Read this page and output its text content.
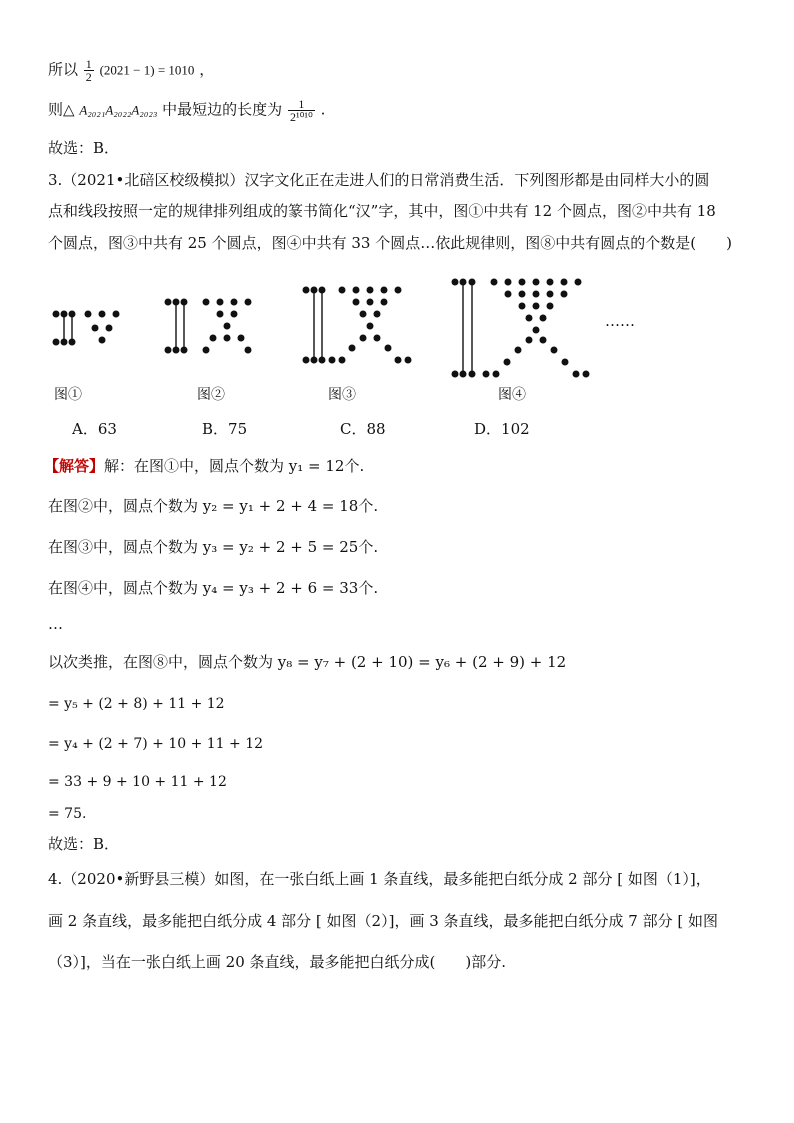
所以 $\frac{1}{2} (2021 - 1) = 1010$ ，
则△ A₂₀₂₁A₂₀₂₂A₂₀₂₃ 中最短边的长度为 $\frac{1}{\text{2¹⁰¹⁰}}$ .
故选：B．
3.（2021•北碚区校级模拟）汉字文化正在走进人们的日常消费生活．下列图形都是由同样大小的圆
点和线段按照一定的规律排列组成的篆书简化“汉”字，其中，图①中共有 12 个圆点，图②中共有 18
个圆点，图③中共有 25 个圆点，图④中共有 33 个圆点…依此规律则，图⑧中共有圆点的个数是(　　)
……
图①	图②	图③	图④
A．63	B．75	C．88	D．102
【解答】解：在图①中，圆点个数为 y₁ = 12个.
在图②中，圆点个数为 y₂ = y₁ + 2 + 4 = 18个.
在图③中，圆点个数为 y₃ = y₂ + 2 + 5 = 25个.
在图④中，圆点个数为 y₄ = y₃ + 2 + 6 = 33个.
…
以次类推，在图⑧中，圆点个数为 y₈ = y₇ + (2 + 10) = y₆ + (2 + 9) + 12
= y₅ + (2 + 8) + 11 + 12
= y₄ + (2 + 7) + 10 + 11 + 12
= 33 + 9 + 10 + 11 + 12
= 75.
故选：B．
4.（2020•新野县三模）如图，在一张白纸上画 1 条直线，最多能把白纸分成 2 部分 [ 如图（1）]，
画 2 条直线，最多能把白纸分成 4 部分 [ 如图（2）]，画 3 条直线，最多能把白纸分成 7 部分 [ 如图
（3）]，当在一张白纸上画 20 条直线，最多能把白纸分成(　　)部分.
